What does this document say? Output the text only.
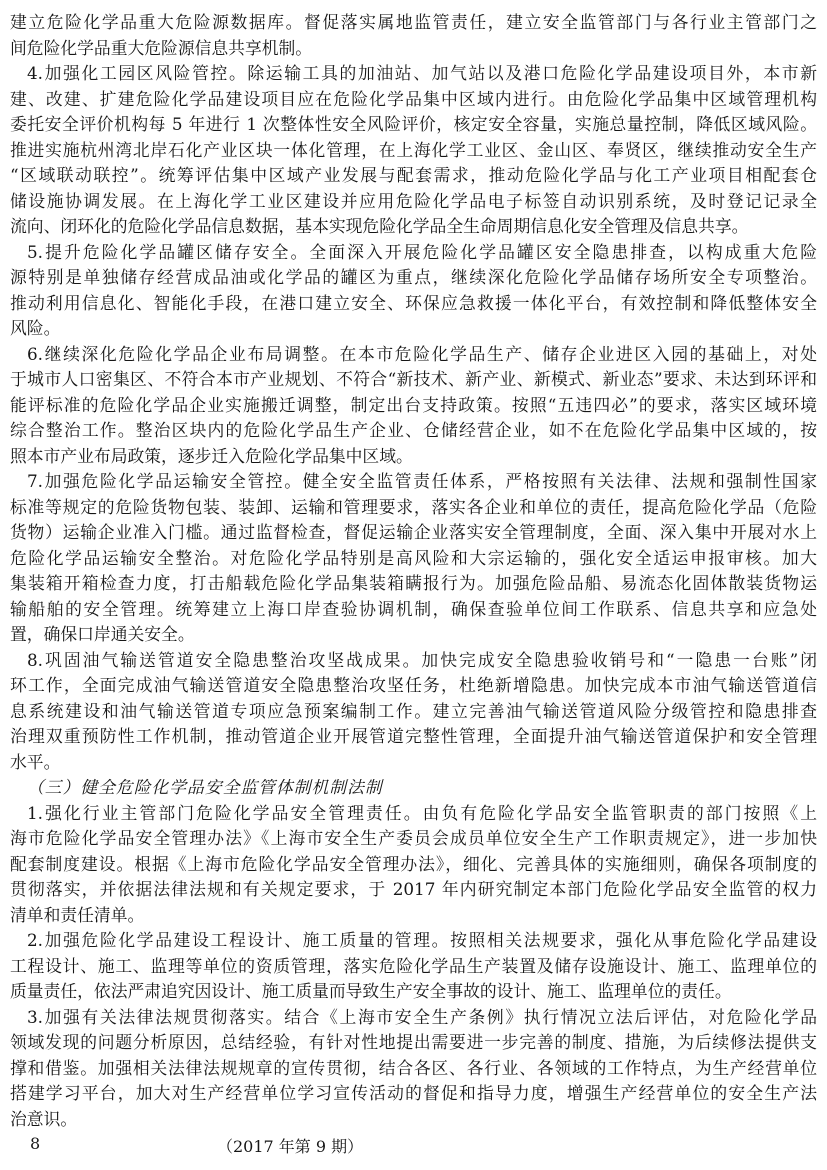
建立危险化学品重大危险源数据库。督促落实属地监管责任，建立安全监管部门与各行业主管部门之
间危险化学品重大危险源信息共享机制。
4.加强化工园区风险管控。除运输工具的加油站、加气站以及港口危险化学品建设项目外，本市新
建、改建、扩建危险化学品建设项目应在危险化学品集中区域内进行。由危险化学品集中区域管理机构
委托安全评价机构每 5 年进行 1 次整体性安全风险评价，核定安全容量，实施总量控制，降低区域风险。
推进实施杭州湾北岸石化产业区块一体化管理，在上海化学工业区、金山区、奉贤区，继续推动安全生产
“区域联动联控”。统筹评估集中区域产业发展与配套需求，推动危险化学品与化工产业项目相配套仓
储设施协调发展。在上海化学工业区建设并应用危险化学品电子标签自动识别系统，及时登记记录全
流向、闭环化的危险化学品信息数据，基本实现危险化学品全生命周期信息化安全管理及信息共享。
5.提升危险化学品罐区储存安全。全面深入开展危险化学品罐区安全隐患排查，以构成重大危险
源特别是单独储存经营成品油或化学品的罐区为重点，继续深化危险化学品储存场所安全专项整治。
推动利用信息化、智能化手段，在港口建立安全、环保应急救援一体化平台，有效控制和降低整体安全
风险。
6.继续深化危险化学品企业布局调整。在本市危险化学品生产、储存企业进区入园的基础上，对处
于城市人口密集区、不符合本市产业规划、不符合“新技术、新产业、新模式、新业态”要求、未达到环评和
能评标准的危险化学品企业实施搬迁调整，制定出台支持政策。按照“五违四必”的要求，落实区域环境
综合整治工作。整治区块内的危险化学品生产企业、仓储经营企业，如不在危险化学品集中区域的，按
照本市产业布局政策，逐步迁入危险化学品集中区域。
7.加强危险化学品运输安全管控。健全安全监管责任体系，严格按照有关法律、法规和强制性国家
标准等规定的危险货物包装、装卸、运输和管理要求，落实各企业和单位的责任，提高危险化学品（危险
货物）运输企业准入门槛。通过监督检查，督促运输企业落实安全管理制度，全面、深入集中开展对水上
危险化学品运输安全整治。对危险化学品特别是高风险和大宗运输的，强化安全适运申报审核。加大
集装箱开箱检查力度，打击船载危险化学品集装箱瞒报行为。加强危险品船、易流态化固体散装货物运
输船舶的安全管理。统筹建立上海口岸查验协调机制，确保查验单位间工作联系、信息共享和应急处
置，确保口岸通关安全。
8.巩固油气输送管道安全隐患整治攻坚战成果。加快完成安全隐患验收销号和“一隐患一台账”闭
环工作，全面完成油气输送管道安全隐患整治攻坚任务，杜绝新增隐患。加快完成本市油气输送管道信
息系统建设和油气输送管道专项应急预案编制工作。建立完善油气输送管道风险分级管控和隐患排查
治理双重预防性工作机制，推动管道企业开展管道完整性管理，全面提升油气输送管道保护和安全管理
水平。
（三）健全危险化学品安全监管体制机制法制
1.强化行业主管部门危险化学品安全管理责任。由负有危险化学品安全监管职责的部门按照《上
海市危险化学品安全管理办法》《上海市安全生产委员会成员单位安全生产工作职责规定》，进一步加快
配套制度建设。根据《上海市危险化学品安全管理办法》，细化、完善具体的实施细则，确保各项制度的
贯彻落实，并依据法律法规和有关规定要求，于 2017 年内研究制定本部门危险化学品安全监管的权力
清单和责任清单。
2.加强危险化学品建设工程设计、施工质量的管理。按照相关法规要求，强化从事危险化学品建设
工程设计、施工、监理等单位的资质管理，落实危险化学品生产装置及储存设施设计、施工、监理单位的
质量责任，依法严肃追究因设计、施工质量而导致生产安全事故的设计、施工、监理单位的责任。
3.加强有关法律法规贯彻落实。结合《上海市安全生产条例》执行情况立法后评估，对危险化学品
领域发现的问题分析原因，总结经验，有针对性地提出需要进一步完善的制度、措施，为后续修法提供支
撑和借鉴。加强相关法律法规规章的宣传贯彻，结合各区、各行业、各领域的工作特点，为生产经营单位
搭建学习平台，加大对生产经营单位学习宣传活动的督促和指导力度，增强生产经营单位的安全生产法
治意识。
8	（2017 年第 9 期）
